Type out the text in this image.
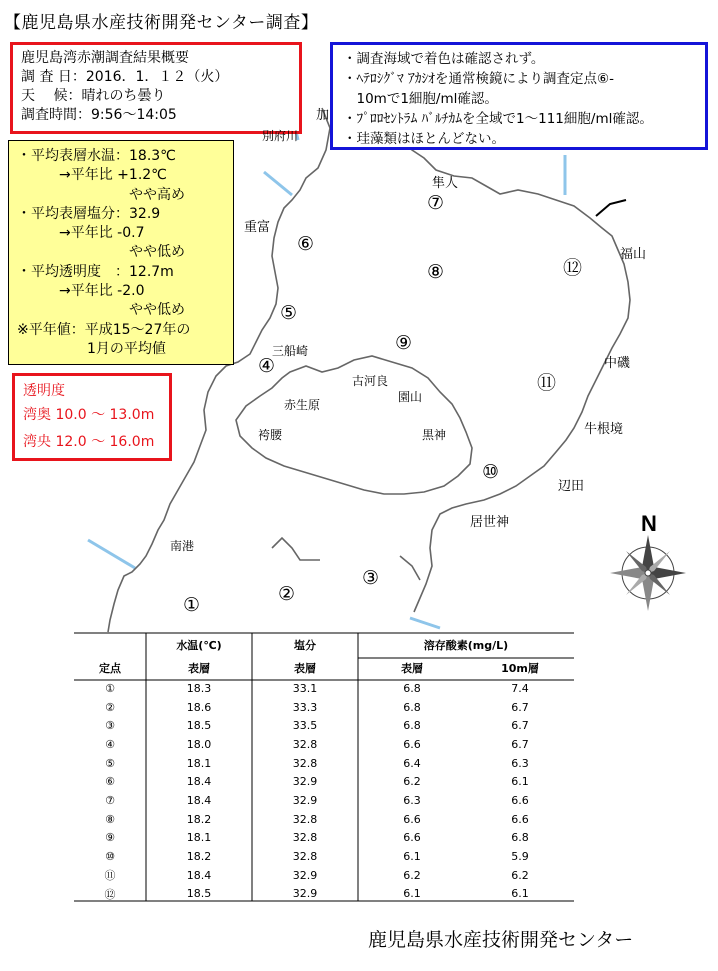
【鹿児島県水産技術開発センター調査】
鹿児島湾赤潮調査結果概要
調 査 日：2016．1．１２（火）
天　 候：晴れのち曇り
調査時間：9:56～14:05
・調査海域で着色は確認されず。
・ﾍﾃﾛｼｸﾞﾏ ｱｶｼｵを通常検鏡により調査定点⑥-
　10mで1細胞/ml確認。
・ﾌﾟﾛﾛｾﾝﾄﾗﾑ ﾊﾞﾙﾁｶﾑを全域で1～111細胞/ml確認。
・珪藻類はほとんどない。
・平均表層水温：18.3℃
　　　→平年比 +1.2℃
　　　　　　　　やや高め
・平均表層塩分：32.9
　　　→平年比 -0.7
　　　　　　　　やや低め
・平均透明度　：12.7m
　　　→平年比 -2.0
　　　　　　　　やや低め
※平年値：平成15～27年の
　　　　　1月の平均値
透明度
湾奥 10.0 ～ 13.0m
湾央 12.0 ～ 16.0m
加
別府川
隼人
重富
福山
三船崎
古河良
園山
中磯
赤生原
袴腰	黒神	牛根境
辺田
居世神
南港
①	②
③
④
⑤
⑥
⑦
⑧
⑨
⑩
⑪
⑫
N
	水温(℃)	塩分	溶存酸素(mg/L)	
定点	表層	表層	表層	10m層
①	18.3	33.1	6.8	7.4
②	18.6	33.3	6.8	6.7
③	18.5	33.5	6.8	6.7
④	18.0	32.8	6.6	6.7
⑤	18.1	32.8	6.4	6.3
⑥	18.4	32.9	6.2	6.1
⑦	18.4	32.9	6.3	6.6
⑧	18.2	32.8	6.6	6.6
⑨	18.1	32.8	6.6	6.8
⑩	18.2	32.8	6.1	5.9
⑪	18.4	32.9	6.2	6.2
⑫	18.5	32.9	6.1	6.1
鹿児島県水産技術開発センター
